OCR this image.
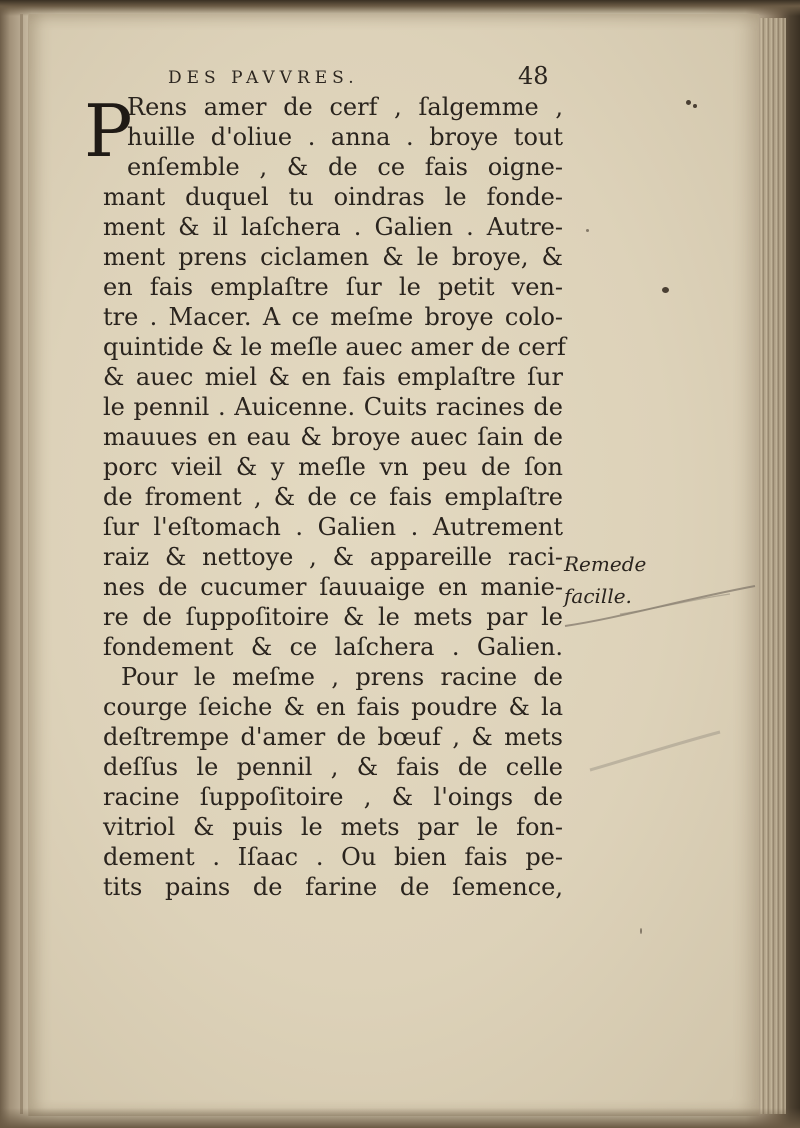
DES PAVVRES.	48
P
Rens amer de cerf , ſalgemme ,
huille d'oliue . anna . broye tout
enſemble , & de ce fais oigne-
mant duquel tu oindras le fonde-
ment & il laſchera . Galien . Autre-
ment prens ciclamen & le broye, &
en fais emplaſtre ſur le petit ven-
tre . Macer. A ce meſme broye colo-
quintide & le meſle auec amer de cerf
& auec miel & en fais emplaſtre ſur
le pennil . Auicenne. Cuits racines de
mauues en eau & broye auec ſain de
porc vieil & y meſle vn peu de ſon
de froment , & de ce fais emplaſtre
ſur l'eſtomach . Galien . Autrement
raiz & nettoye , & appareille raci-
nes de cucumer ſauuaige en manie-
re de ſuppoſitoire & le mets par le
fondement & ce laſchera . Galien.
Pour le meſme , prens racine de
courge ſeiche & en fais poudre & la
deſtrempe d'amer de bœuf , & mets
deſſus le pennil , & fais de celle
racine ſuppoſitoire , & l'oings de
vitriol & puis le mets par le fon-
dement . Iſaac . Ou bien fais pe-
tits pains de farine de ſemence,
Remede
facille.
